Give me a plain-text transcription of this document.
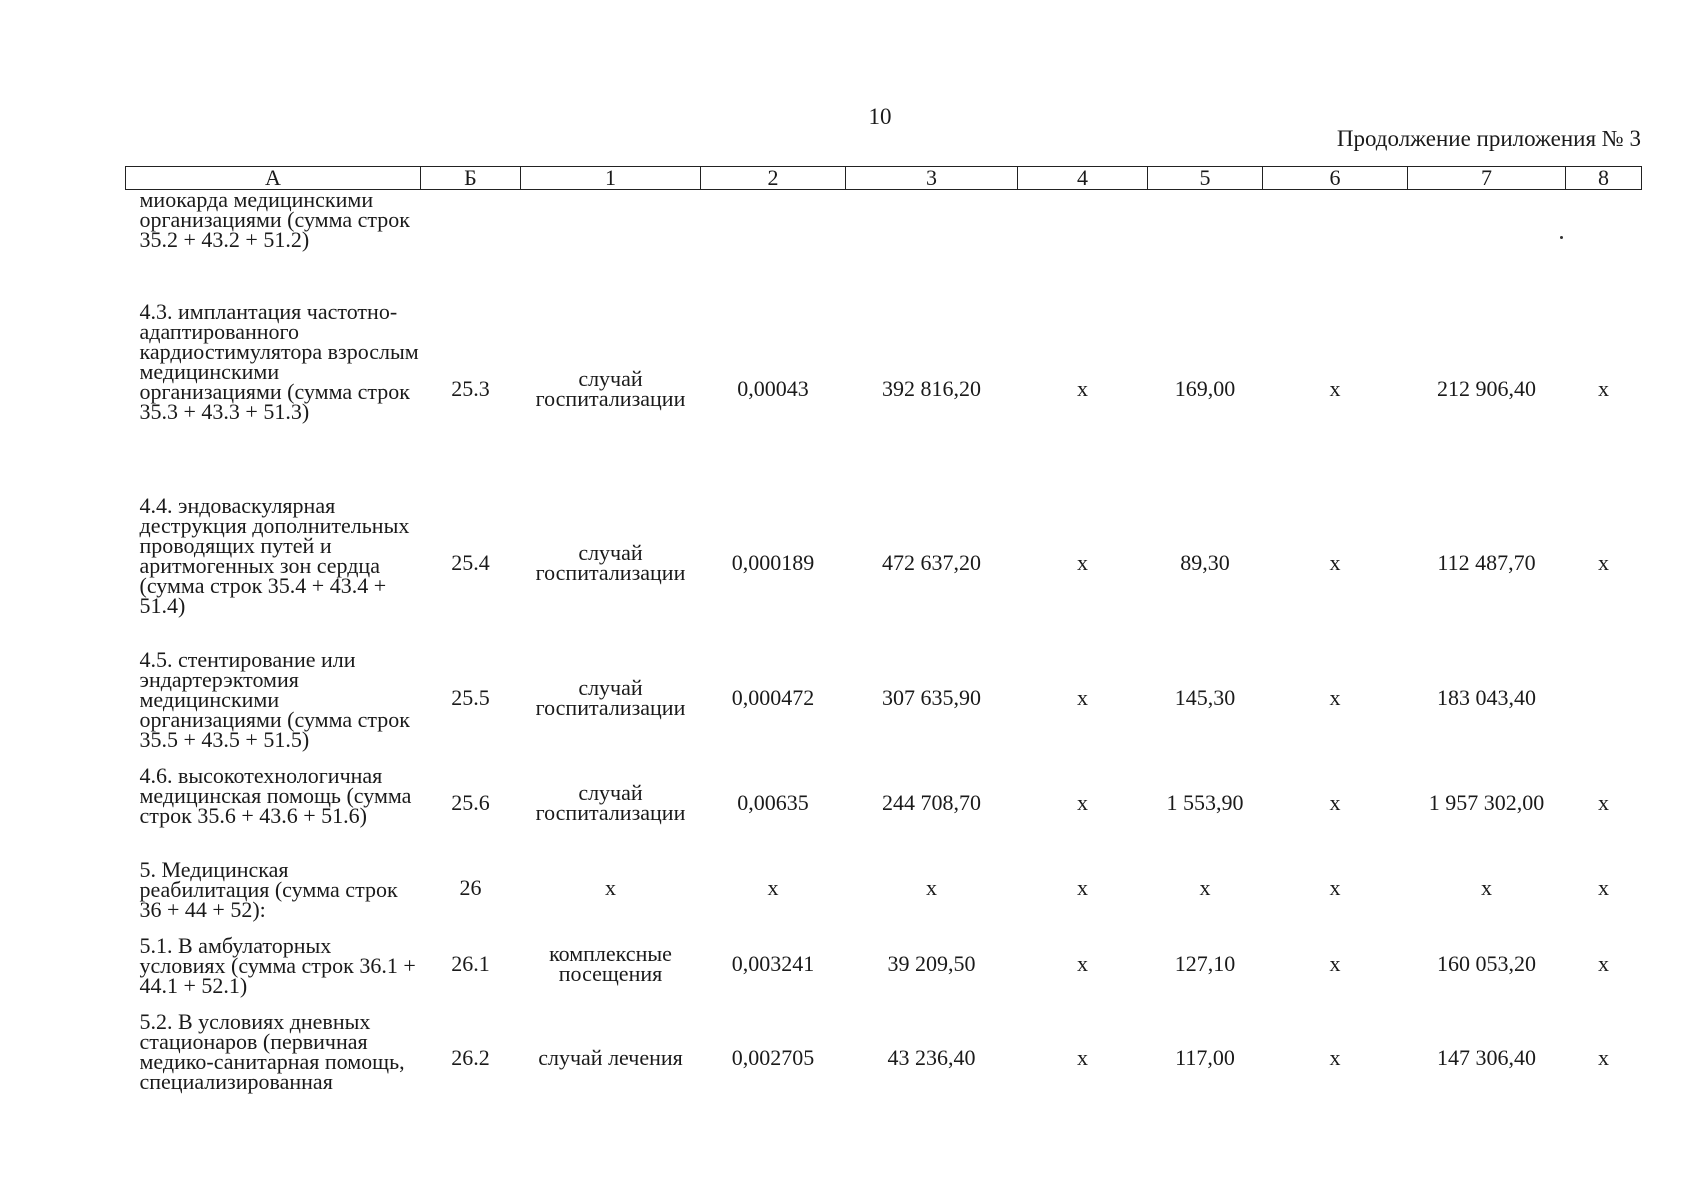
10
Продолжение приложения № 3
А	Б	1	2	3	4	5	6	7	8
миокарда медицинскими организациями (сумма строк 35.2 + 43.2 + 51.2)									
4.3. имплантация частотно-адаптированного кардиостимулятора взрослым медицинскими организациями (сумма строк 35.3 + 43.3 + 51.3)	25.3	случай госпитализации	0,00043	392 816,20	x	169,00	x	212 906,40	x
4.4. эндоваскулярная деструкция дополнительных проводящих путей и аритмогенных зон сердца (сумма строк 35.4 + 43.4 + 51.4)	25.4	случай госпитализации	0,000189	472 637,20	x	89,30	x	112 487,70	x
4.5. стентирование или эндартерэктомия медицинскими организациями (сумма строк 35.5 + 43.5 + 51.5)	25.5	случай госпитализации	0,000472	307 635,90	x	145,30	x	183 043,40	
4.6. высокотехнологичная медицинская помощь (сумма строк 35.6 + 43.6 + 51.6)	25.6	случай госпитализации	0,00635	244 708,70	x	1 553,90	x	1 957 302,00	x
5. Медицинская реабилитация (сумма строк 36 + 44 + 52):	26	x	x	x	x	x	x	x	x
5.1. В амбулаторных условиях (сумма строк 36.1 + 44.1 + 52.1)	26.1	комплексные посещения	0,003241	39 209,50	x	127,10	x	160 053,20	x
5.2. В условиях дневных стационаров (первичная медико-санитарная помощь, специализированная	26.2	случай лечения	0,002705	43 236,40	x	117,00	x	147 306,40	x
